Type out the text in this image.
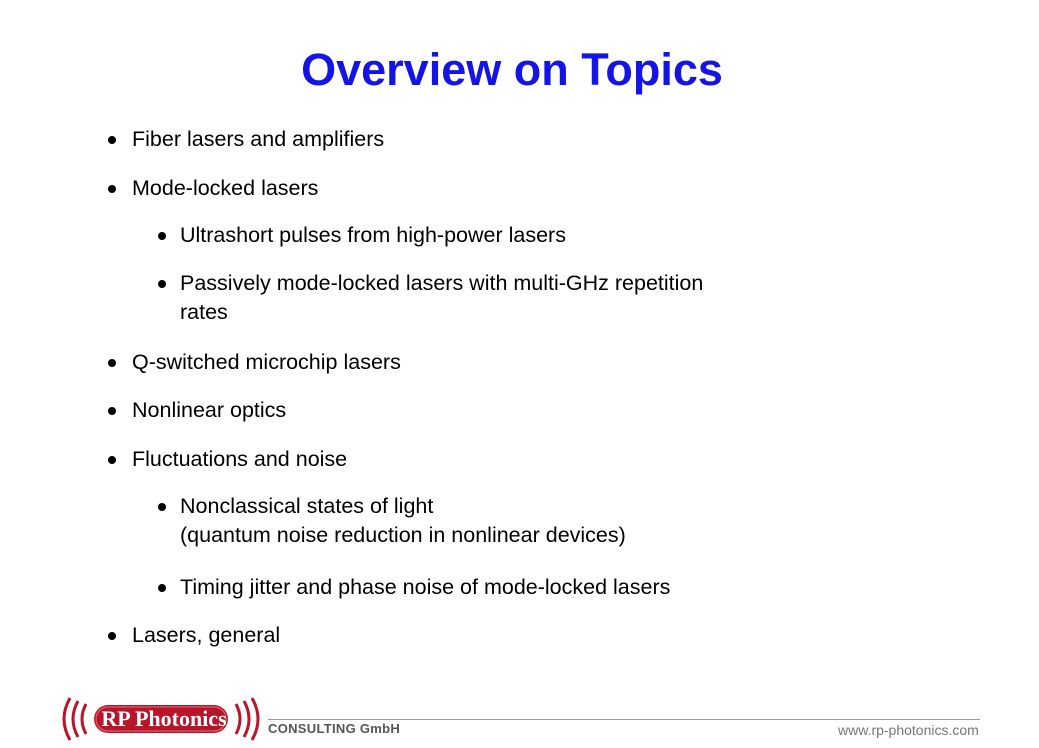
Overview on Topics
Fiber lasers and amplifiers
Mode-locked lasers
Ultrashort pulses from high-power lasers
Passively mode-locked lasers with multi-GHz repetition
rates
Q-switched microchip lasers
Nonlinear optics
Fluctuations and noise
Nonclassical states of light
(quantum noise reduction in nonlinear devices)
Timing jitter and phase noise of mode-locked lasers
Lasers, general
RP Photonics	CONSULTING GmbH	www.rp-photonics.com
